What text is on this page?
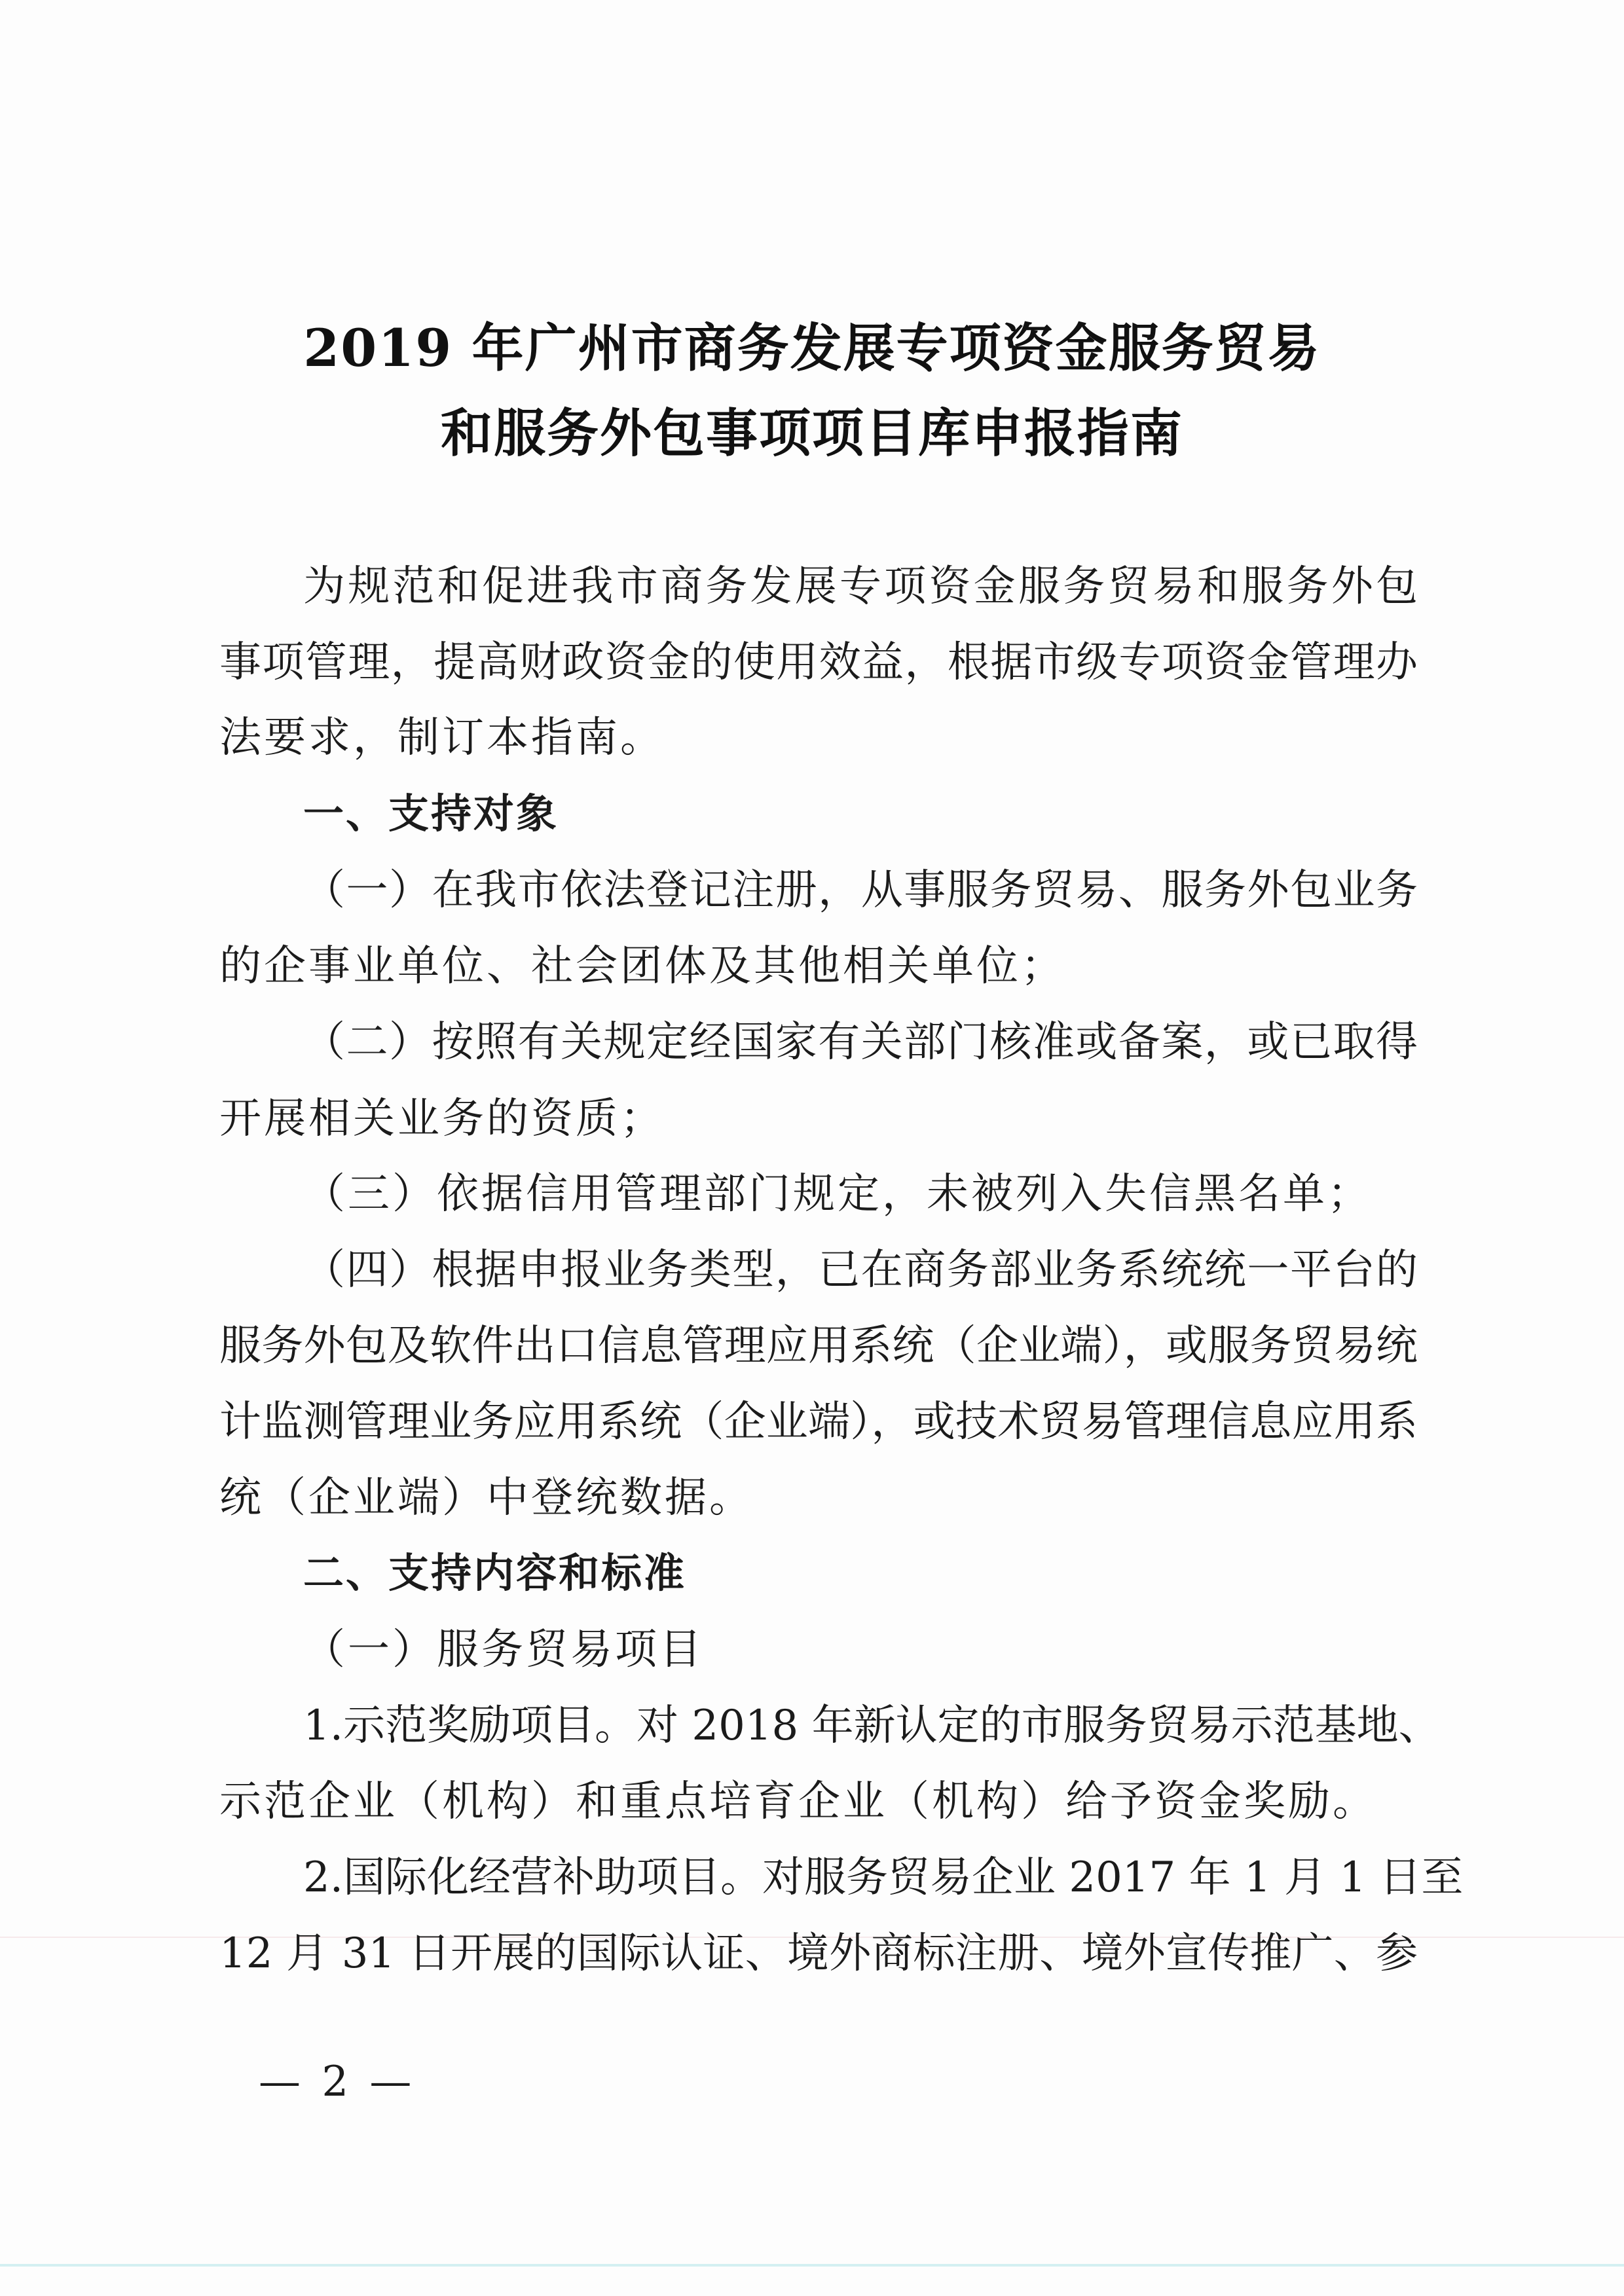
2019 年广州市商务发展专项资金服务贸易
和服务外包事项项目库申报指南
为规范和促进我市商务发展专项资金服务贸易和服务外包
事项管理，提高财政资金的使用效益，根据市级专项资金管理办
法要求，制订本指南。
一、支持对象
（一）在我市依法登记注册，从事服务贸易、服务外包业务
的企事业单位、社会团体及其他相关单位；
（二）按照有关规定经国家有关部门核准或备案，或已取得
开展相关业务的资质；
（三）依据信用管理部门规定，未被列入失信黑名单；
（四）根据申报业务类型，已在商务部业务系统统一平台的
服务外包及软件出口信息管理应用系统（企业端），或服务贸易统
计监测管理业务应用系统（企业端），或技术贸易管理信息应用系
统（企业端）中登统数据。
二、支持内容和标准
（一）服务贸易项目
1.示范奖励项目。对 2018 年新认定的市服务贸易示范基地、
示范企业（机构）和重点培育企业（机构）给予资金奖励。
2.国际化经营补助项目。对服务贸易企业 2017 年 1 月 1 日至
12 月 31 日开展的国际认证、境外商标注册、境外宣传推广、参
— 2 —
